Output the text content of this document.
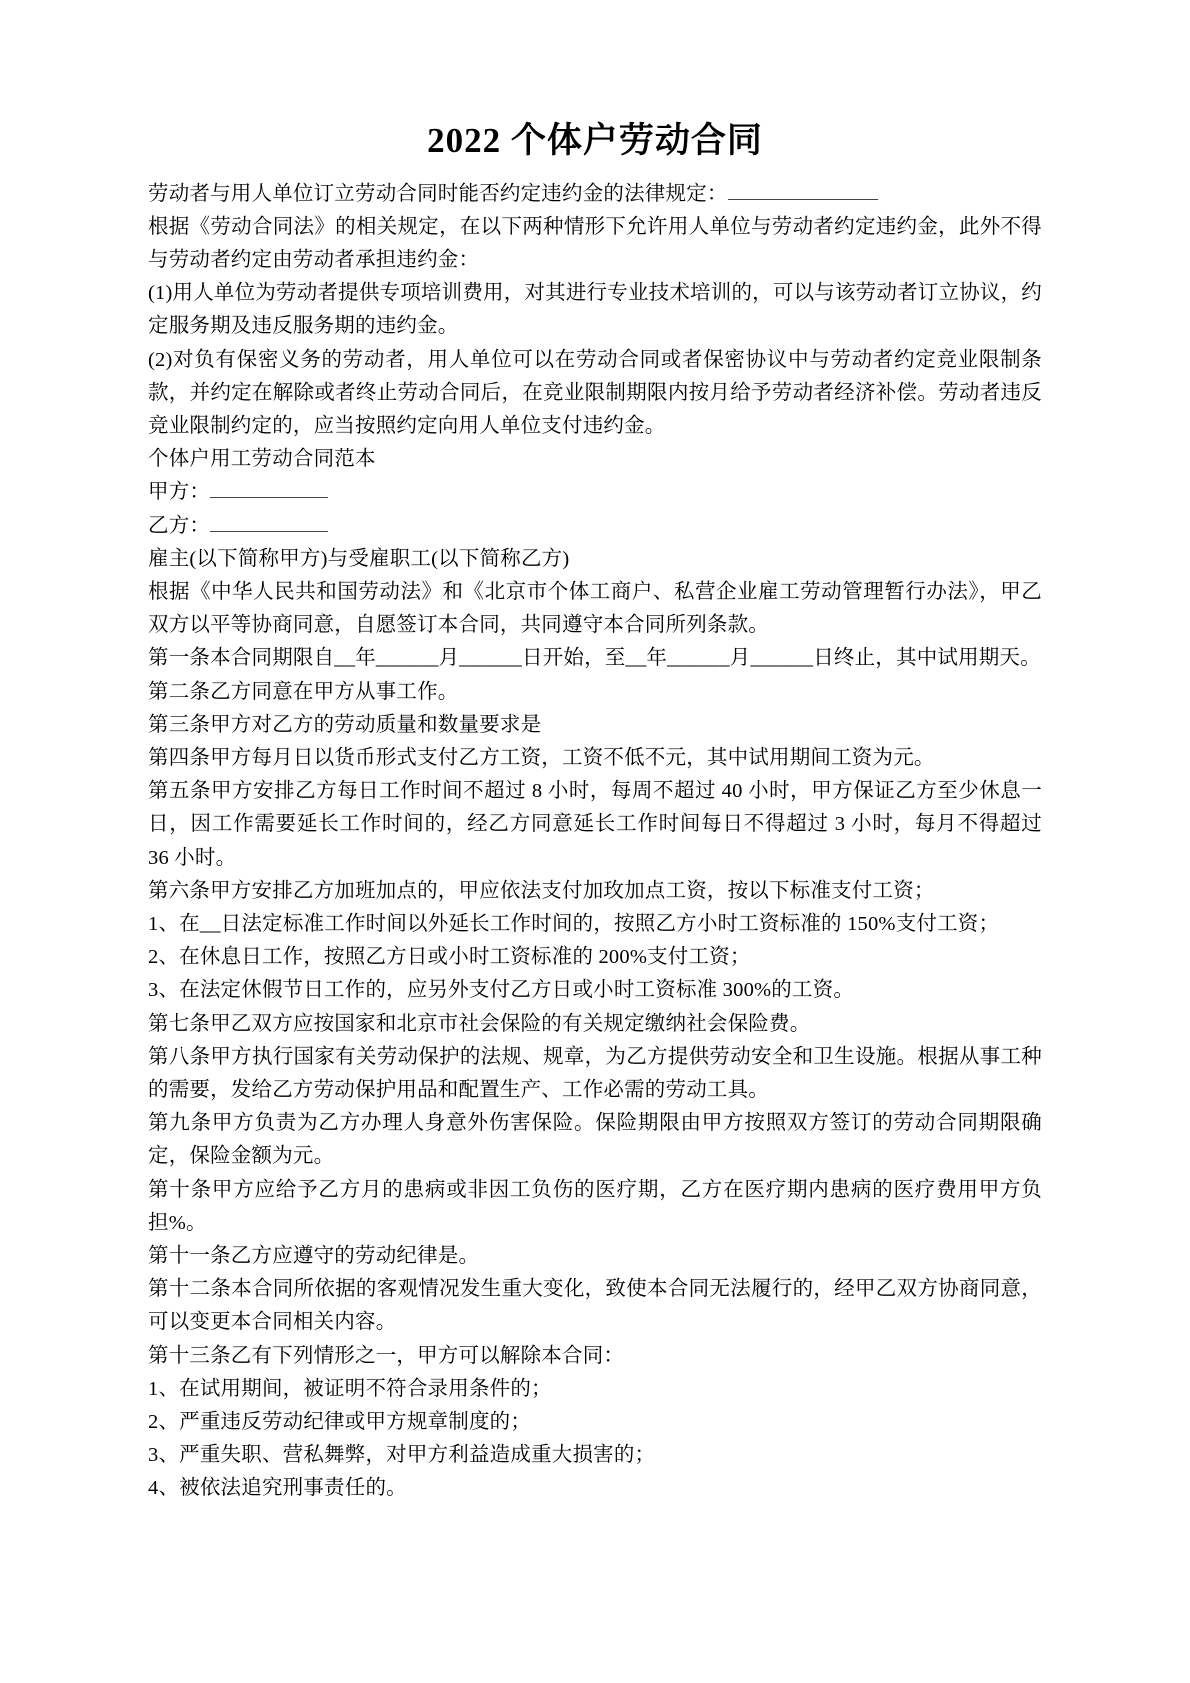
2022 个体户劳动合同

劳动者与用人单位订立劳动合同时能否约定违约金的法律规定：

根据《劳动合同法》的相关规定，在以下两种情形下允许用人单位与劳动者约定违约金，此外不得与劳动者约定由劳动者承担违约金：

(1)用人单位为劳动者提供专项培训费用，对其进行专业技术培训的，可以与该劳动者订立协议，约定服务期及违反服务期的违约金。

(2)对负有保密义务的劳动者，用人单位可以在劳动合同或者保密协议中与劳动者约定竞业限制条款，并约定在解除或者终止劳动合同后，在竞业限制期限内按月给予劳动者经济补偿。劳动者违反竞业限制约定的，应当按照约定向用人单位支付违约金。

个体户用工劳动合同范本

甲方：

乙方：

雇主(以下简称甲方)与受雇职工(以下简称乙方)

根据《中华人民共和国劳动法》和《北京市个体工商户、私营企业雇工劳动管理暂行办法》，甲乙双方以平等协商同意，自愿签订本合同，共同遵守本合同所列条款。

第一条本合同期限自__年______月______日开始，至__年______月______日终止，其中试用期天。

第二条乙方同意在甲方从事工作。

第三条甲方对乙方的劳动质量和数量要求是

第四条甲方每月日以货币形式支付乙方工资，工资不低不元，其中试用期间工资为元。

第五条甲方安排乙方每日工作时间不超过 8 小时，每周不超过 40 小时，甲方保证乙方至少休息一日，因工作需要延长工作时间的，经乙方同意延长工作时间每日不得超过 3 小时，每月不得超过 36 小时。

第六条甲方安排乙方加班加点的，甲应依法支付加玫加点工资，按以下标准支付工资；

1、在__日法定标准工作时间以外延长工作时间的，按照乙方小时工资标准的 150%支付工资；

2、在休息日工作，按照乙方日或小时工资标准的 200%支付工资；

3、在法定休假节日工作的，应另外支付乙方日或小时工资标准 300%的工资。

第七条甲乙双方应按国家和北京市社会保险的有关规定缴纳社会保险费。

第八条甲方执行国家有关劳动保护的法规、规章，为乙方提供劳动安全和卫生设施。根据从事工种的需要，发给乙方劳动保护用品和配置生产、工作必需的劳动工具。

第九条甲方负责为乙方办理人身意外伤害保险。保险期限由甲方按照双方签订的劳动合同期限确定，保险金额为元。

第十条甲方应给予乙方月的患病或非因工负伤的医疗期，乙方在医疗期内患病的医疗费用甲方负担%。

第十一条乙方应遵守的劳动纪律是。

第十二条本合同所依据的客观情况发生重大变化，致使本合同无法履行的，经甲乙双方协商同意，可以变更本合同相关内容。

第十三条乙有下列情形之一，甲方可以解除本合同：

1、在试用期间，被证明不符合录用条件的；

2、严重违反劳动纪律或甲方规章制度的；

3、严重失职、营私舞弊，对甲方利益造成重大损害的；

4、被依法追究刑事责任的。
